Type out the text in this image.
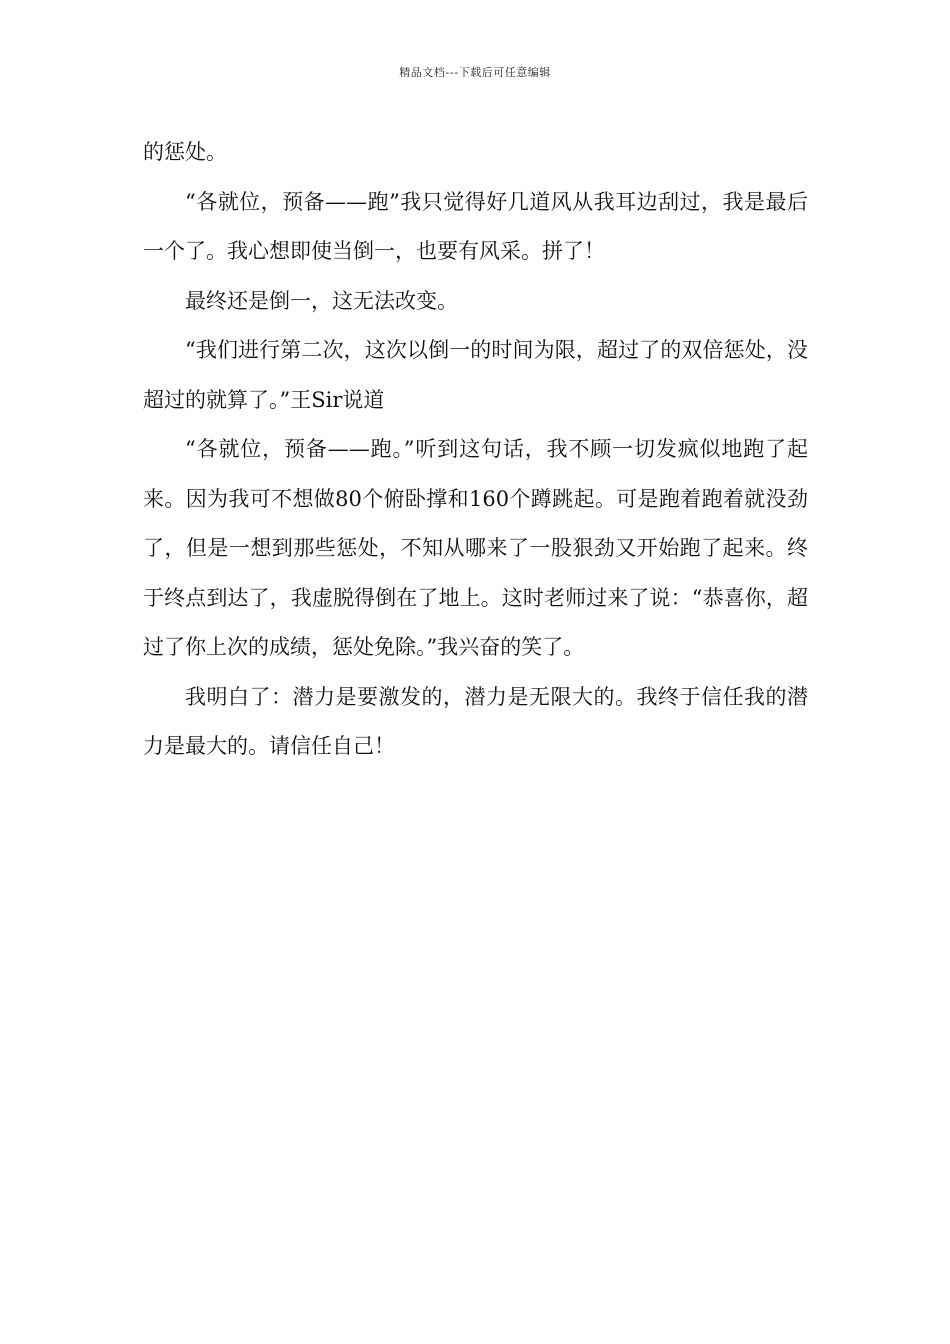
精品文档---下载后可任意编辑

的惩处。

“各就位，预备——跑”我只觉得好几道风从我耳边刮过，我是最后一个了。我心想即使当倒一，也要有风采。拼了！

最终还是倒一，这无法改变。

“我们进行第二次，这次以倒一的时间为限，超过了的双倍惩处，没超过的就算了。”王Sir说道

“各就位，预备——跑。”听到这句话，我不顾一切发疯似地跑了起来。因为我可不想做80个俯卧撑和160个蹲跳起。可是跑着跑着就没劲了，但是一想到那些惩处，不知从哪来了一股狠劲又开始跑了起来。终于终点到达了，我虚脱得倒在了地上。这时老师过来了说：“恭喜你，超过了你上次的成绩，惩处免除。”我兴奋的笑了。

我明白了：潜力是要激发的，潜力是无限大的。我终于信任我的潜力是最大的。请信任自己！
